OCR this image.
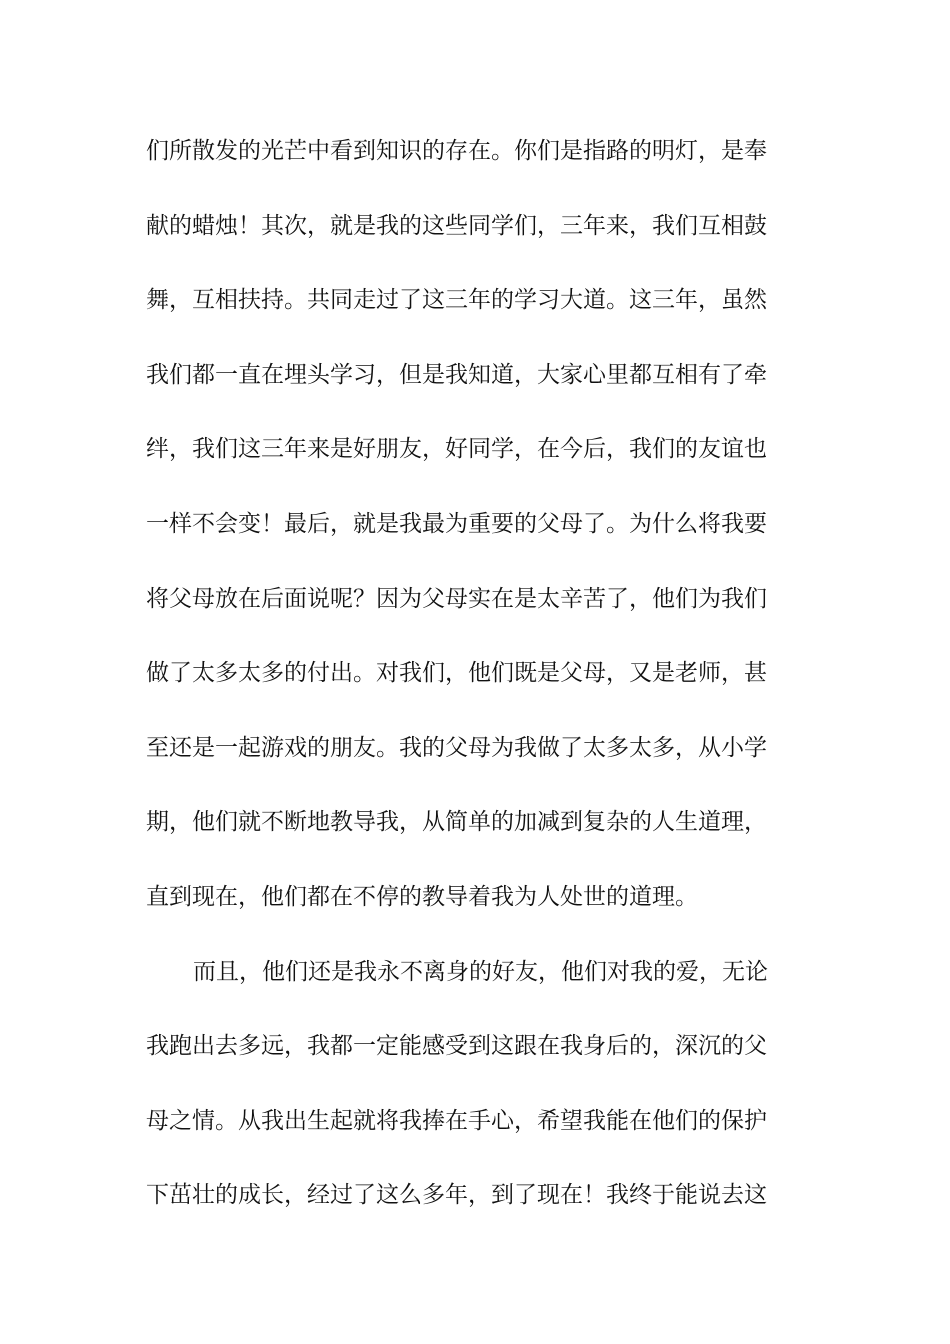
们所散发的光芒中看到知识的存在。你们是指路的明灯，是奉
献的蜡烛！其次，就是我的这些同学们，三年来，我们互相鼓
舞，互相扶持。共同走过了这三年的学习大道。这三年，虽然
我们都一直在埋头学习，但是我知道，大家心里都互相有了牵
绊，我们这三年来是好朋友，好同学，在今后，我们的友谊也
一样不会变！最后，就是我最为重要的父母了。为什么将我要
将父母放在后面说呢？因为父母实在是太辛苦了，他们为我们
做了太多太多的付出。对我们，他们既是父母，又是老师，甚
至还是一起游戏的朋友。我的父母为我做了太多太多，从小学
期，他们就不断地教导我，从简单的加减到复杂的人生道理，
直到现在，他们都在不停的教导着我为人处世的道理。
而且，他们还是我永不离身的好友，他们对我的爱，无论
我跑出去多远，我都一定能感受到这跟在我身后的，深沉的父
母之情。从我出生起就将我捧在手心，希望我能在他们的保护
下茁壮的成长，经过了这么多年，到了现在！我终于能说去这
